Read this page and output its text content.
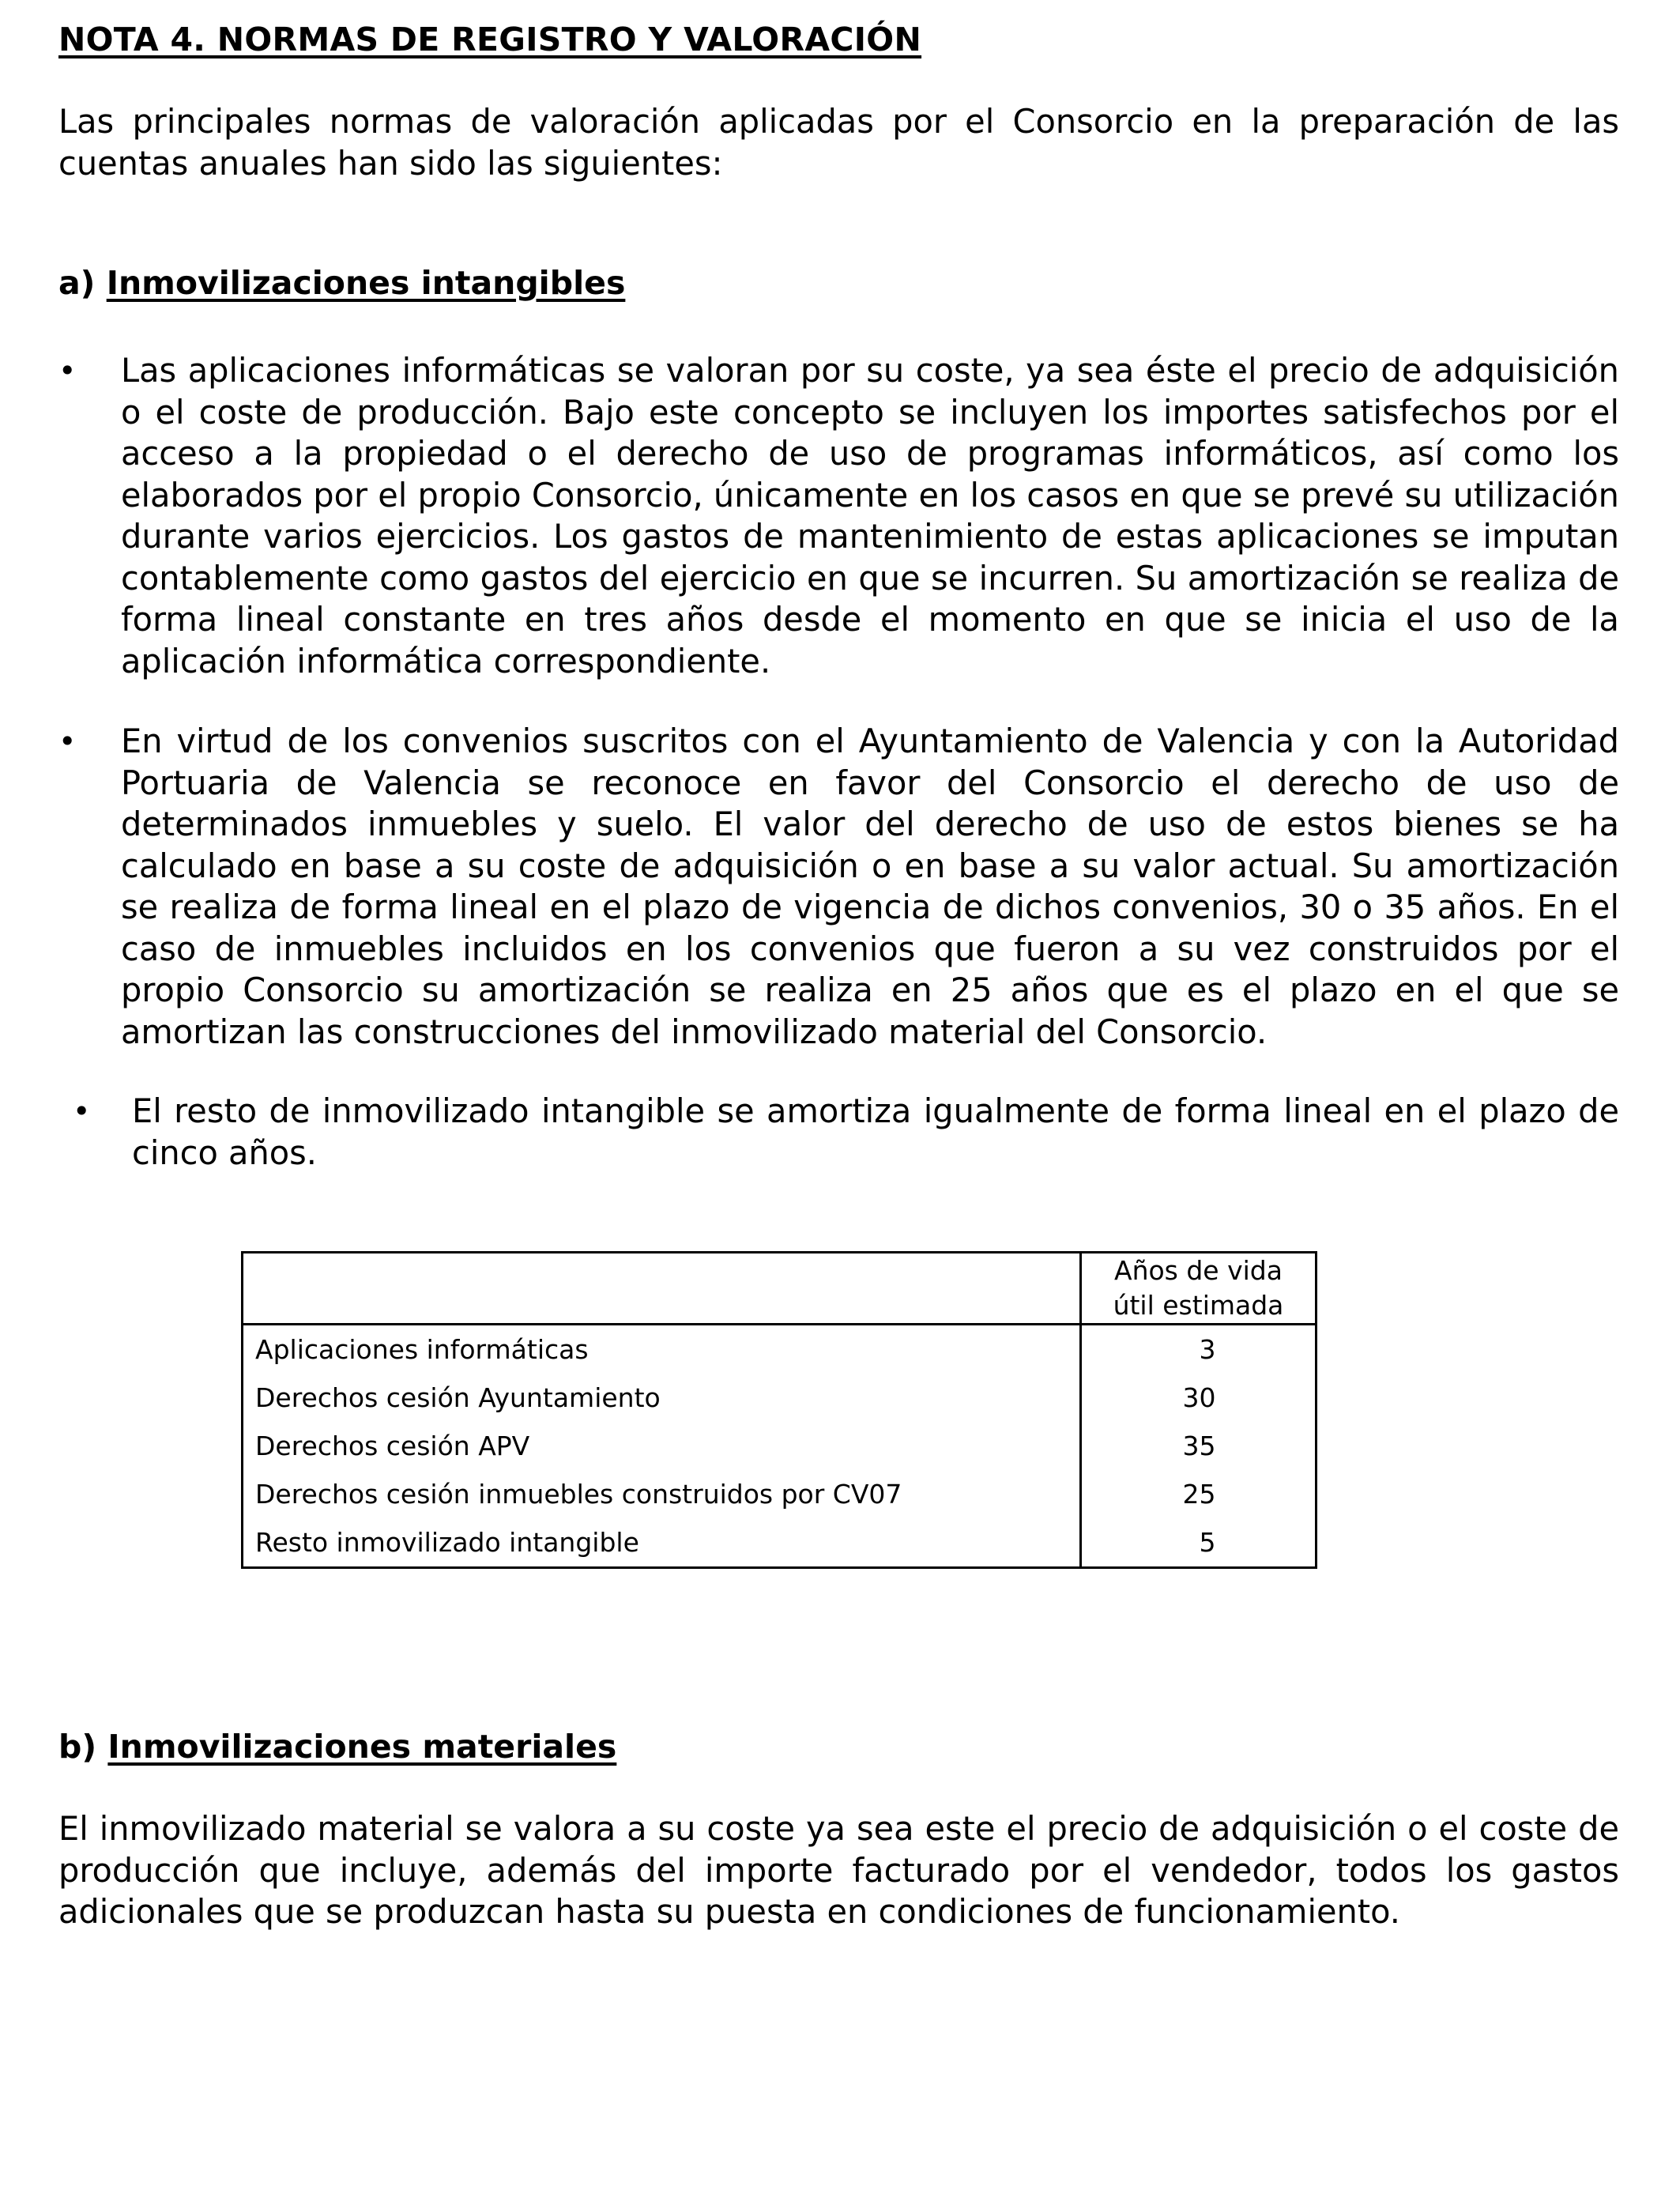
NOTA 4. NORMAS DE REGISTRO Y VALORACIÓN

Las principales normas de valoración aplicadas por el Consorcio en la preparación de las cuentas anuales han sido las siguientes:

a) Inmovilizaciones intangibles
• Las aplicaciones informáticas se valoran por su coste, ya sea éste el precio de adquisición o el coste de producción. Bajo este concepto se incluyen los importes satisfechos por el acceso a la propiedad o el derecho de uso de programas informáticos, así como los elaborados por el propio Consorcio, únicamente en los casos en que se prevé su utilización durante varios ejercicios. Los gastos de mantenimiento de estas aplicaciones se imputan contablemente como gastos del ejercicio en que se incurren. Su amortización se realiza de forma lineal constante en tres años desde el momento en que se inicia el uso de la aplicación informática correspondiente.

• En virtud de los convenios suscritos con el Ayuntamiento de Valencia y con la Autoridad Portuaria de Valencia se reconoce en favor del Consorcio el derecho de uso de determinados inmuebles y suelo. El valor del derecho de uso de estos bienes se ha calculado en base a su coste de adquisición o en base a su valor actual. Su amortización se realiza de forma lineal en el plazo de vigencia de dichos convenios, 30 o 35 años. En el caso de inmuebles incluidos en los convenios que fueron a su vez construidos por el propio Consorcio su amortización se realiza en 25 años que es el plazo en el que se amortizan las construcciones del inmovilizado material del Consorcio.

• El resto de inmovilizado intangible se amortiza igualmente de forma lineal en el plazo de cinco años.

b) Inmovilizaciones materiales

El inmovilizado material se valora a su coste ya sea este el precio de adquisición o el coste de producción que incluye, además del importe facturado por el vendedor, todos los gastos adicionales que se produzcan hasta su puesta en condiciones de funcionamiento.

	Años de vida
útil estimada

Aplicaciones informáticas	3
Derechos cesión Ayuntamiento	30
Derechos cesión APV	35
Derechos cesión inmuebles construidos por CV07	25
Resto inmovilizado intangible	5
